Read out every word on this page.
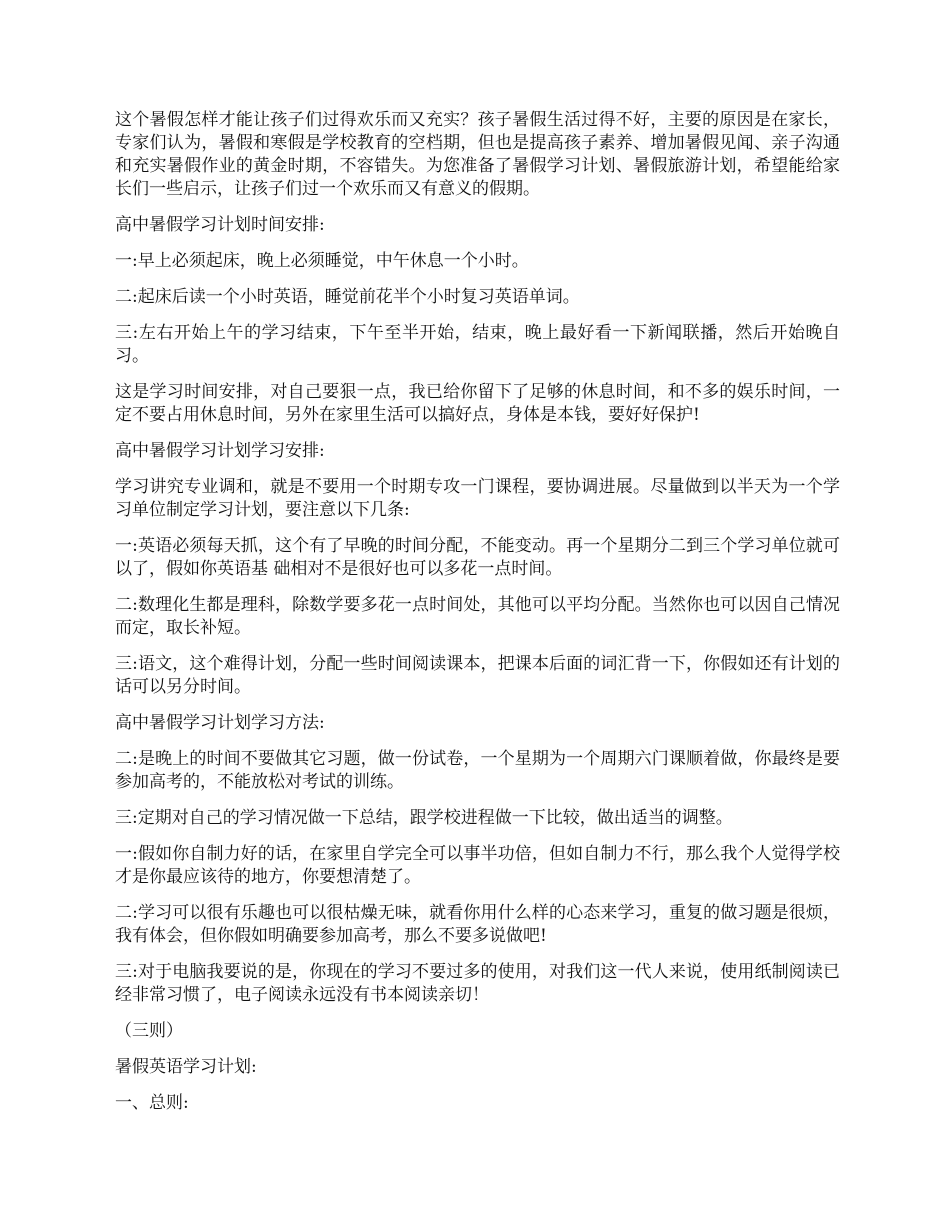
这个暑假怎样才能让孩子们过得欢乐而又充实？孩子暑假生活过得不好，主要的原因是在家长，专家们认为，暑假和寒假是学校教育的空档期，但也是提高孩子素养、增加暑假见闻、亲子沟通和充实暑假作业的黄金时期，不容错失。为您准备了暑假学习计划、暑假旅游计划，希望能给家长们一些启示，让孩子们过一个欢乐而又有意义的假期。

高中暑假学习计划时间安排:

一:早上必须起床，晚上必须睡觉，中午休息一个小时。

二:起床后读一个小时英语，睡觉前花半个小时复习英语单词。

三:左右开始上午的学习结束，下午至半开始，结束，晚上最好看一下新闻联播，然后开始晚自习。

这是学习时间安排，对自己要狠一点，我已给你留下了足够的休息时间，和不多的娱乐时间，一定不要占用休息时间，另外在家里生活可以搞好点，身体是本钱，要好好保护!

高中暑假学习计划学习安排:

学习讲究专业调和，就是不要用一个时期专攻一门课程，要协调进展。尽量做到以半天为一个学习单位制定学习计划，要注意以下几条:

一:英语必须每天抓，这个有了早晚的时间分配，不能变动。再一个星期分二到三个学习单位就可以了，假如你英语基 础相对不是很好也可以多花一点时间。

二:数理化生都是理科，除数学要多花一点时间处，其他可以平均分配。当然你也可以因自己情况而定，取长补短。

三:语文，这个难得计划，分配一些时间阅读课本，把课本后面的词汇背一下，你假如还有计划的话可以另分时间。

高中暑假学习计划学习方法:

二:是晚上的时间不要做其它习题，做一份试卷，一个星期为一个周期六门课顺着做，你最终是要参加高考的，不能放松对考试的训练。

三:定期对自己的学习情况做一下总结，跟学校进程做一下比较，做出适当的调整。

一:假如你自制力好的话，在家里自学完全可以事半功倍，但如自制力不行，那么我个人觉得学校才是你最应该待的地方，你要想清楚了。

二:学习可以很有乐趣也可以很枯燥无味，就看你用什么样的心态来学习，重复的做习题是很烦，我有体会，但你假如明确要参加高考，那么不要多说做吧!

三:对于电脑我要说的是，你现在的学习不要过多的使用，对我们这一代人来说，使用纸制阅读已经非常习惯了，电子阅读永远没有书本阅读亲切！

（三则）

暑假英语学习计划:

一、总则:
